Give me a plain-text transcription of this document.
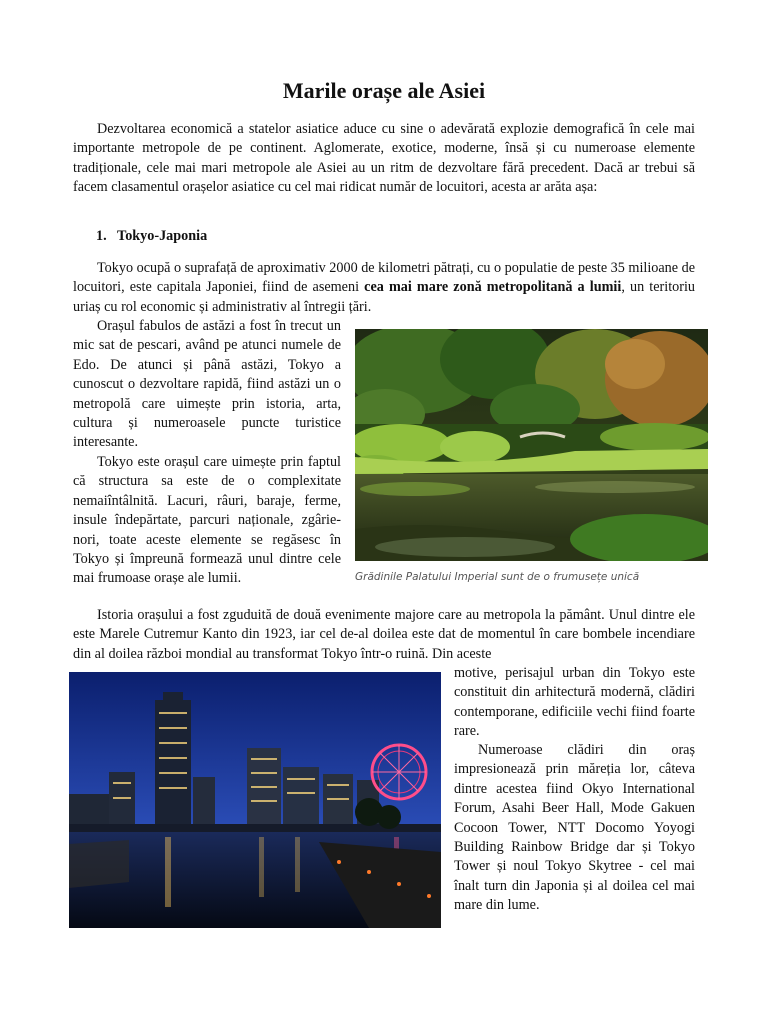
Marile orașe ale Asiei
Dezvoltarea economică a statelor asiatice aduce cu sine o adevărată explozie demografică în cele mai importante metropole de pe continent. Aglomerate, exotice, moderne, însă și cu numeroase elemente tradiționale, cele mai mari metropole ale Asiei au un ritm de dezvoltare fără precedent. Dacă ar trebui să facem clasamentul orașelor asiatice cu cel mai ridicat număr de locuitori, acesta ar arăta așa:
1. Tokyo-Japonia
Tokyo ocupă o suprafață de aproximativ 2000 de kilometri pătrați, cu o populatie de peste 35 milioane de locuitori, este capitala Japoniei, fiind de asemeni cea mai mare zonă metropolitană a lumii, un teritoriu uriaș cu rol economic și administrativ al întregii țări.
Orașul fabulos de astăzi a fost în trecut un mic sat de pescari, având pe atunci numele de Edo. De atunci și până astăzi, Tokyo a cunoscut o dezvoltare rapidă, fiind astăzi un o metropolă care uimește prin istoria, arta, cultura și numeroasele puncte turistice interesante.
Tokyo este orașul care uimește prin faptul că structura sa este de o complexitate nemaiîntâlnită. Lacuri, râuri, baraje, ferme, insule îndepărtate, parcuri naționale, zgârie-nori, toate aceste elemente se regăsesc în Tokyo și împreună formează unul dintre cele mai frumoase orașe ale lumii.	Grădinile Palatului Imperial sunt de o frumusețe unică
Istoria orașului a fost zguduită de două evenimente majore care au metropola la pământ. Unul dintre ele este Marele Cutremur Kanto din 1923, iar cel de-al doilea este dat de momentul în care bombele incendiare din al doilea război mondial au transformat Tokyo într-o ruină. Din aceste
motive, perisajul urban din Tokyo este constituit din arhitectură modernă, clădiri contemporane, edificiile vechi fiind foarte rare.
Numeroase clădiri din oraș impresionează prin măreția lor, câteva dintre acestea fiind Okyo International Forum, Asahi Beer Hall, Mode Gakuen Cocoon Tower, NTT Docomo Yoyogi Building Rainbow Bridge dar și Tokyo Tower și noul Tokyo Skytree - cel mai înalt turn din Japonia și al doilea cel mai mare din lume.
